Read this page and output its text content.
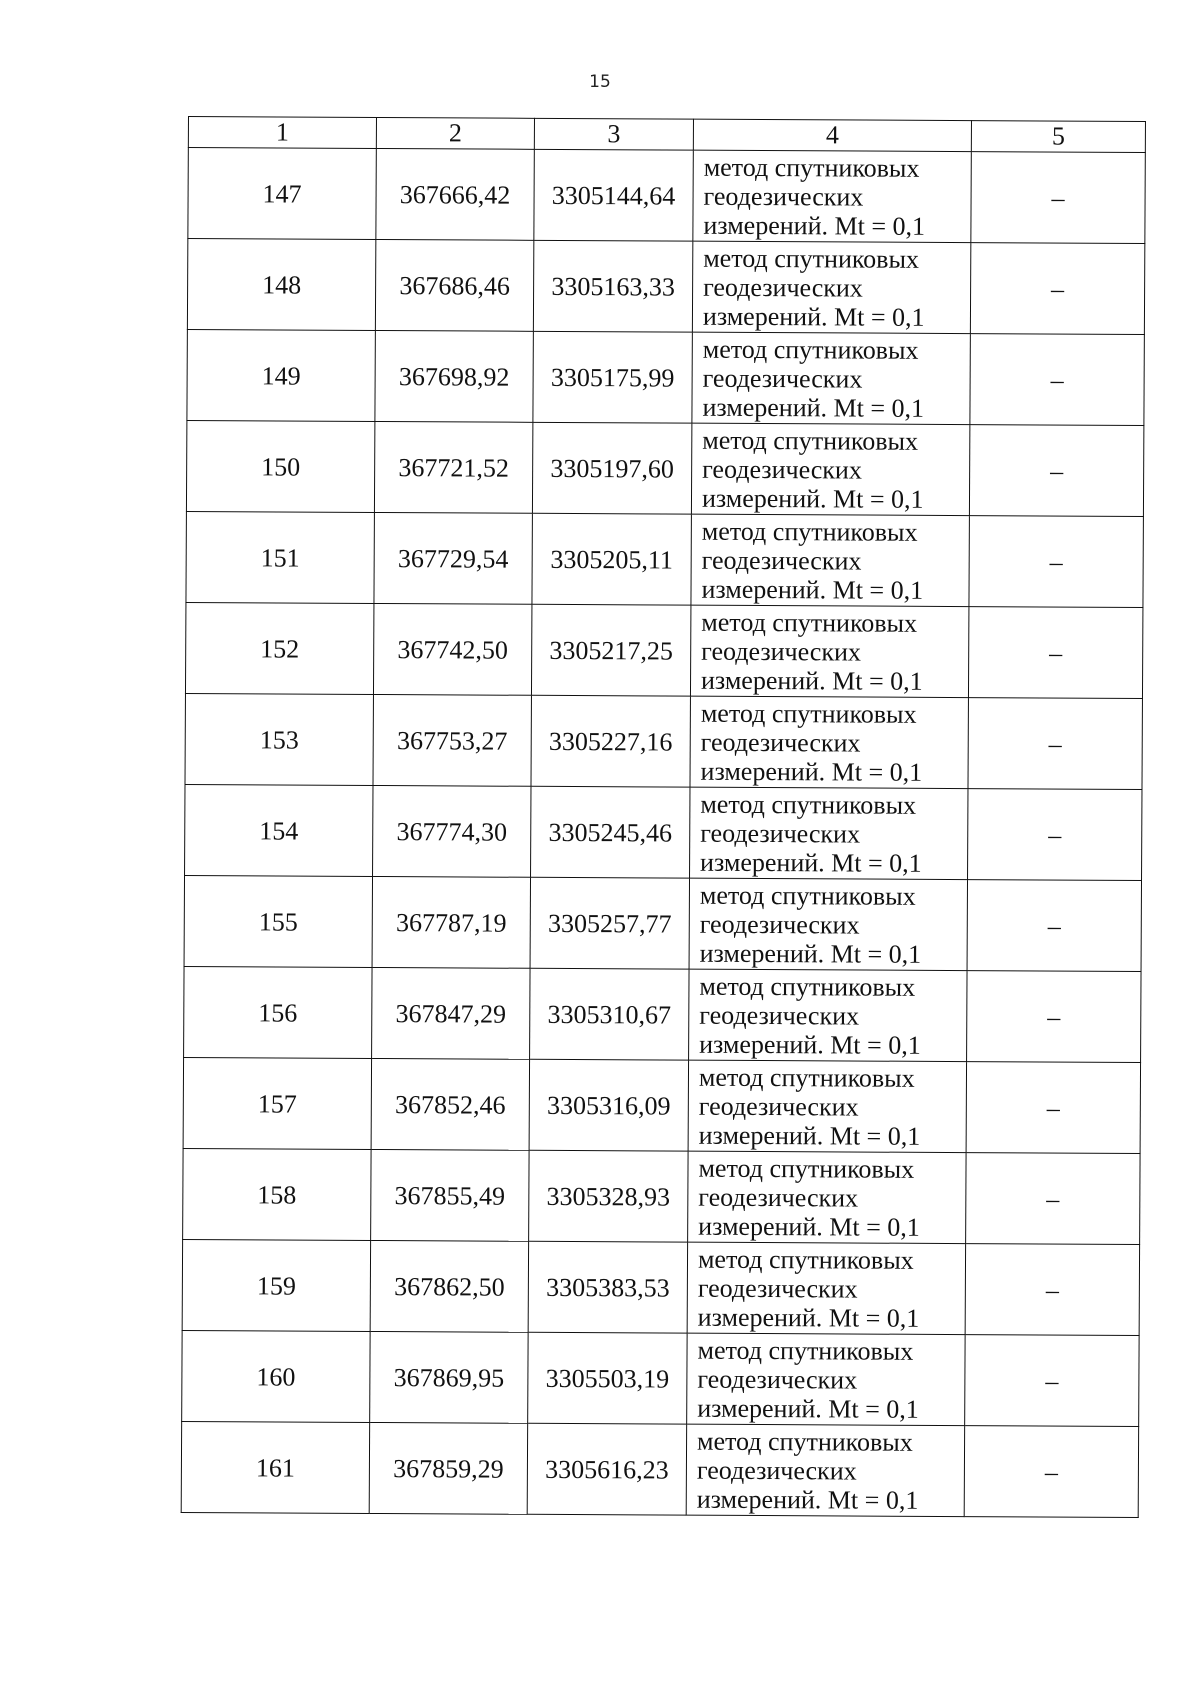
15
1	2	3	4	5
147	367666,42	3305144,64	метод спутниковых
геодезических
измерений. Mt = 0,1	–
148	367686,46	3305163,33	метод спутниковых
геодезических
измерений. Mt = 0,1	–
149	367698,92	3305175,99	метод спутниковых
геодезических
измерений. Mt = 0,1	–
150	367721,52	3305197,60	метод спутниковых
геодезических
измерений. Mt = 0,1	–
151	367729,54	3305205,11	метод спутниковых
геодезических
измерений. Mt = 0,1	–
152	367742,50	3305217,25	метод спутниковых
геодезических
измерений. Mt = 0,1	–
153	367753,27	3305227,16	метод спутниковых
геодезических
измерений. Mt = 0,1	–
154	367774,30	3305245,46	метод спутниковых
геодезических
измерений. Mt = 0,1	–
155	367787,19	3305257,77	метод спутниковых
геодезических
измерений. Mt = 0,1	–
156	367847,29	3305310,67	метод спутниковых
геодезических
измерений. Mt = 0,1	–
157	367852,46	3305316,09	метод спутниковых
геодезических
измерений. Mt = 0,1	–
158	367855,49	3305328,93	метод спутниковых
геодезических
измерений. Mt = 0,1	–
159	367862,50	3305383,53	метод спутниковых
геодезических
измерений. Mt = 0,1	–
160	367869,95	3305503,19	метод спутниковых
геодезических
измерений. Mt = 0,1	–
161	367859,29	3305616,23	метод спутниковых
геодезических
измерений. Mt = 0,1	–
